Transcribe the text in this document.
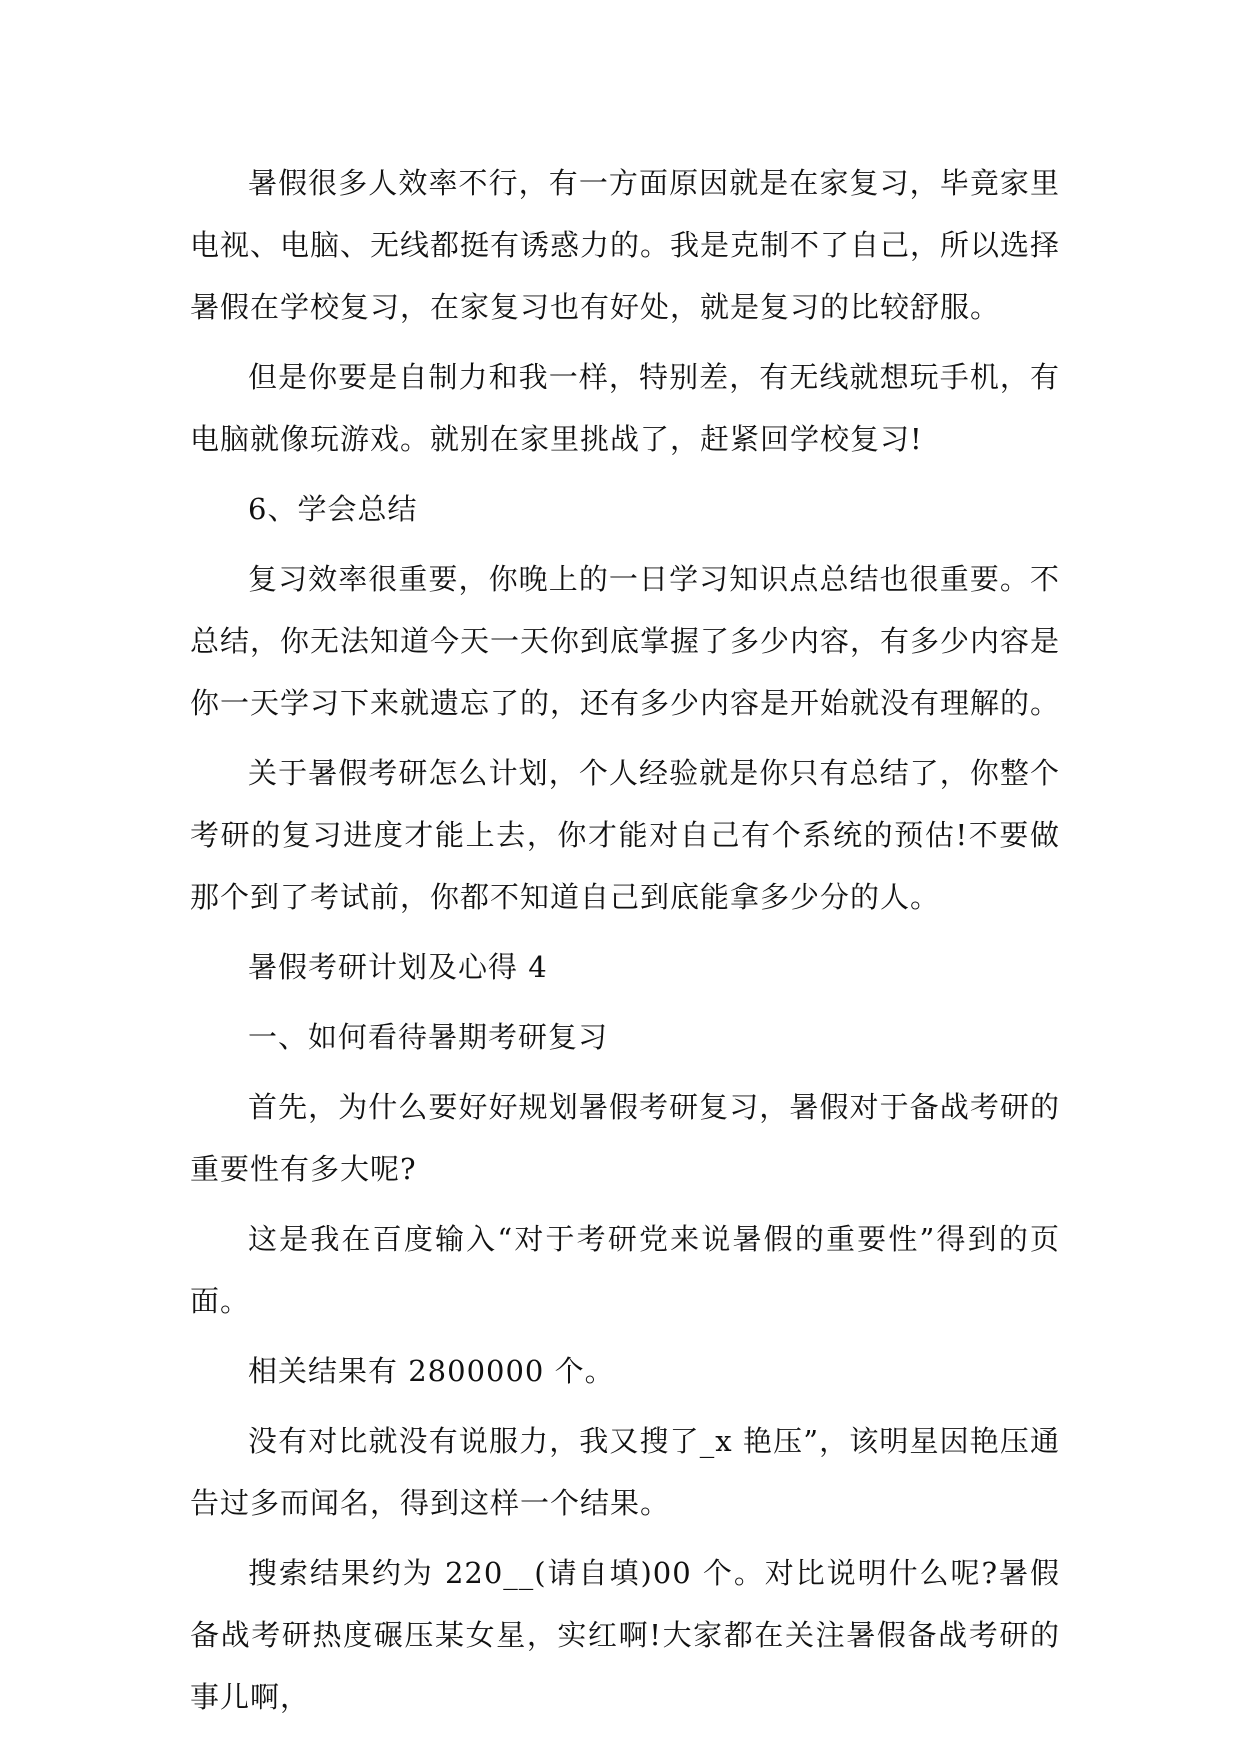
暑假很多人效率不行，有一方面原因就是在家复习，毕竟家里电视、电脑、无线都挺有诱惑力的。我是克制不了自己，所以选择暑假在学校复习，在家复习也有好处，就是复习的比较舒服。

但是你要是自制力和我一样，特别差，有无线就想玩手机，有电脑就像玩游戏。就别在家里挑战了，赶紧回学校复习!

6、学会总结

复习效率很重要，你晚上的一日学习知识点总结也很重要。不总结，你无法知道今天一天你到底掌握了多少内容，有多少内容是你一天学习下来就遗忘了的，还有多少内容是开始就没有理解的。

关于暑假考研怎么计划，个人经验就是你只有总结了，你整个考研的复习进度才能上去，你才能对自己有个系统的预估!不要做那个到了考试前，你都不知道自己到底能拿多少分的人。

暑假考研计划及心得 4

一、如何看待暑期考研复习

首先，为什么要好好规划暑假考研复习，暑假对于备战考研的重要性有多大呢?

这是我在百度输入“对于考研党来说暑假的重要性”得到的页面。

相关结果有 2800000 个。

没有对比就没有说服力，我又搜了_x 艳压”，该明星因艳压通告过多而闻名，得到这样一个结果。

搜索结果约为 220__(请自填)00 个。对比说明什么呢?暑假备战考研热度碾压某女星，实红啊!大家都在关注暑假备战考研的事儿啊，
